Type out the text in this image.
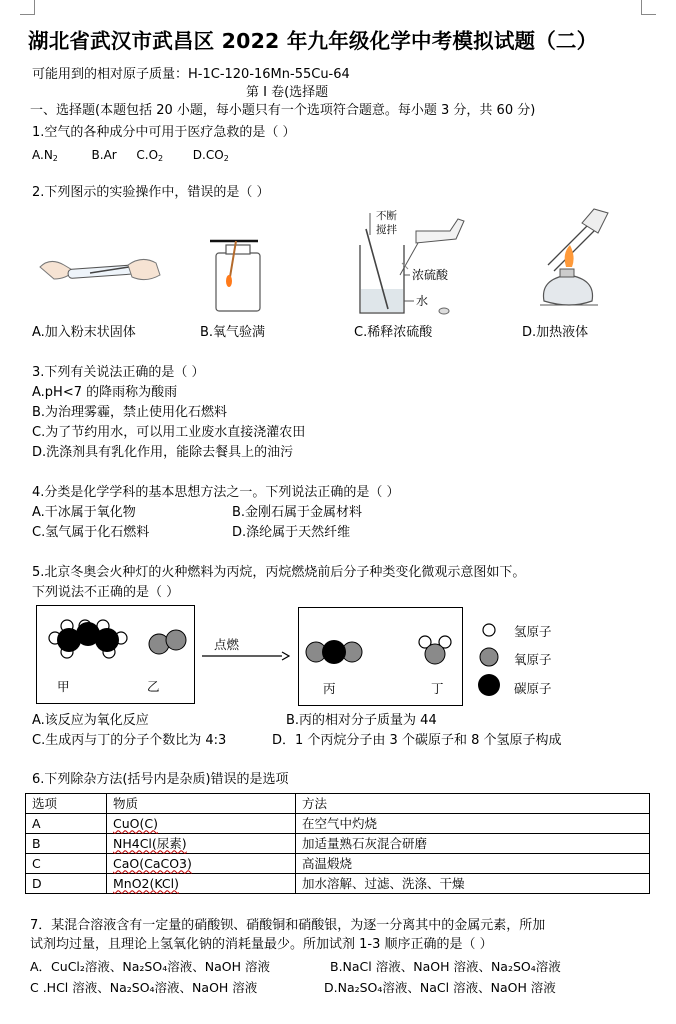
湖北省武汉市武昌区 2022 年九年级化学中考模拟试题（二）
可能用到的相对原子质量：H-1C-120-16Mn-55Cu-64
第 I 卷(选择题
一、选择题(本题包括 20 小题，每小题只有一个选项符合题意。每小题 3 分，共 60 分)
1.空气的各种成分中可用于医疗急救的是（ ）
$A.N_2$	B.Ar $C.O_2$ $D.CO_2$
2.下列图示的实验操作中，错误的是（ ）
不断
搅拌
浓硫酸
水
A.加入粉末状固体	B.氧气验满	C.稀释浓硫酸	D.加热液体
3.下列有关说法正确的是（ ）
A.pH<7 的降雨称为酸雨
B.为治理雾霾，禁止使用化石燃料
C.为了节约用水，可以用工业废水直接浇灌农田
D.洗涤剂具有乳化作用，能除去餐具上的油污
4.分类是化学学科的基本思想方法之一。下列说法正确的是（ ）
A.干冰属于氧化物	B.金刚石属于金属材料
C.氢气属于化石燃料	D.涤纶属于天然纤维
5.北京冬奥会火种灯的火种燃料为丙烷，丙烷燃烧前后分子种类变化微观示意图如下。
下列说法不正确的是（ ）
甲	乙
点燃
丙	丁
氢原子
氧原子
碳原子
A.该反应为氧化反应	B.丙的相对分子质量为 44
C.生成丙与丁的分子个数比为 4:3	D．1 个丙烷分子由 3 个碳原子和 8 个氢原子构成
6.下列除杂方法(括号内是杂质)错误的是选项
选项	物质	方法
A	CuO(C)	在空气中灼烧
B	NH4Cl(尿素)	加适量熟石灰混合研磨
C	CaO(CaCO3)	高温煅烧
D	MnO2(KCl)	加水溶解、过滤、洗涤、干燥
7．某混合溶液含有一定量的硝酸钡、硝酸铜和硝酸银，为逐一分离其中的金属元素，所加
试剂均过量，且理论上氢氧化钠的消耗量最少。所加试剂 1-3 顺序正确的是（ ）
A．CuCl₂溶液、Na₂SO₄溶液、NaOH 溶液	B.NaCl 溶液、NaOH 溶液、Na₂SO₄溶液
C .HCl 溶液、Na₂SO₄溶液、NaOH 溶液	D.Na₂SO₄溶液、NaCl 溶液、NaOH 溶液
